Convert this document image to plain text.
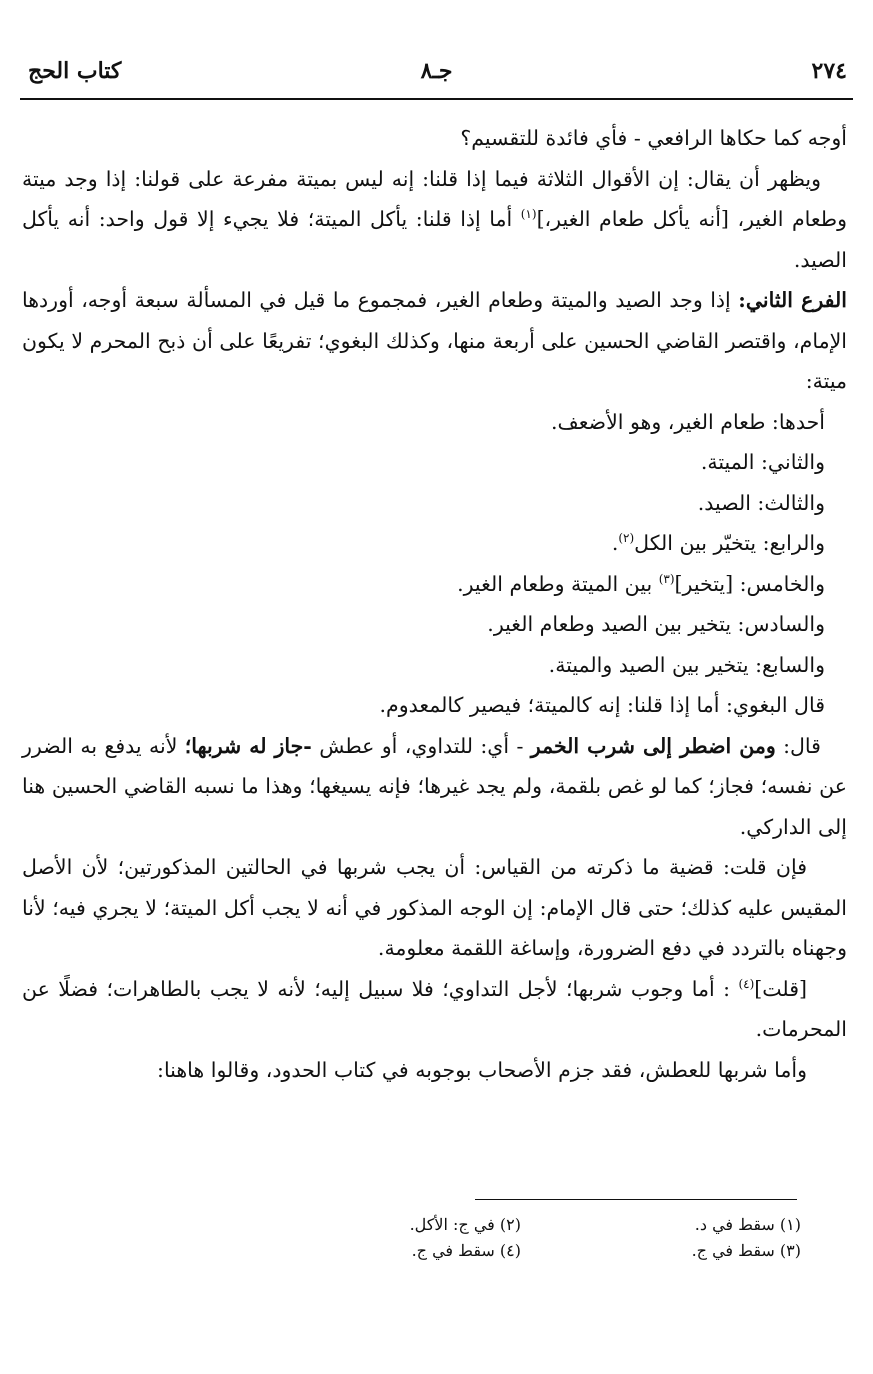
٢٧٤
جـ٨
كتاب الحج

أوجه كما حكاها الرافعي - فأي فائدة للتقسيم؟

ويظهر أن يقال: إن الأقوال الثلاثة فيما إذا قلنا: إنه ليس بميتة مفرعة على قولنا: إذا وجد ميتة وطعام الغير، [أنه يأكل طعام الغير،]$^{(١)}$ أما إذا قلنا: يأكل الميتة؛ فلا يجيء إلا قول واحد: أنه يأكل الصيد.

الفرع الثاني: إذا وجد الصيد والميتة وطعام الغير، فمجموع ما قيل في المسألة سبعة أوجه، أوردها الإمام، واقتصر القاضي الحسين على أربعة منها، وكذلك البغوي؛ تفريعًا على أن ذبح المحرم لا يكون ميتة:

أحدها: طعام الغير، وهو الأضعف.

والثاني: الميتة.

والثالث: الصيد.

والرابع: يتخيّر بين الكل$^{(٢)}$.

والخامس: [يتخير]$^{(٣)}$ بين الميتة وطعام الغير.

والسادس: يتخير بين الصيد وطعام الغير.

والسابع: يتخير بين الصيد والميتة.

قال البغوي: أما إذا قلنا: إنه كالميتة؛ فيصير كالمعدوم.

قال: ومن اضطر إلى شرب الخمر - أي: للتداوي، أو عطش -جاز له شربها؛ لأنه يدفع به الضرر عن نفسه؛ فجاز؛ كما لو غص بلقمة، ولم يجد غيرها؛ فإنه يسيغها؛ وهذا ما نسبه القاضي الحسين هنا إلى الداركي.

فإن قلت: قضية ما ذكرته من القياس: أن يجب شربها في الحالتين المذكورتين؛ لأن الأصل المقيس عليه كذلك؛ حتى قال الإمام: إن الوجه المذكور في أنه لا يجب أكل الميتة؛ لا يجري فيه؛ لأنا وجهناه بالتردد في دفع الضرورة، وإساغة اللقمة معلومة.

[قلت]$^{(٤)}$ : أما وجوب شربها؛ لأجل التداوي؛ فلا سبيل إليه؛ لأنه لا يجب بالطاهرات؛ فضلًا عن المحرمات.

وأما شربها للعطش، فقد جزم الأصحاب بوجوبه في كتاب الحدود، وقالوا هاهنا:

(١) سقط في د.
(٢) في ج: الأكل.
(٣) سقط في ج.
(٤) سقط في ج.
